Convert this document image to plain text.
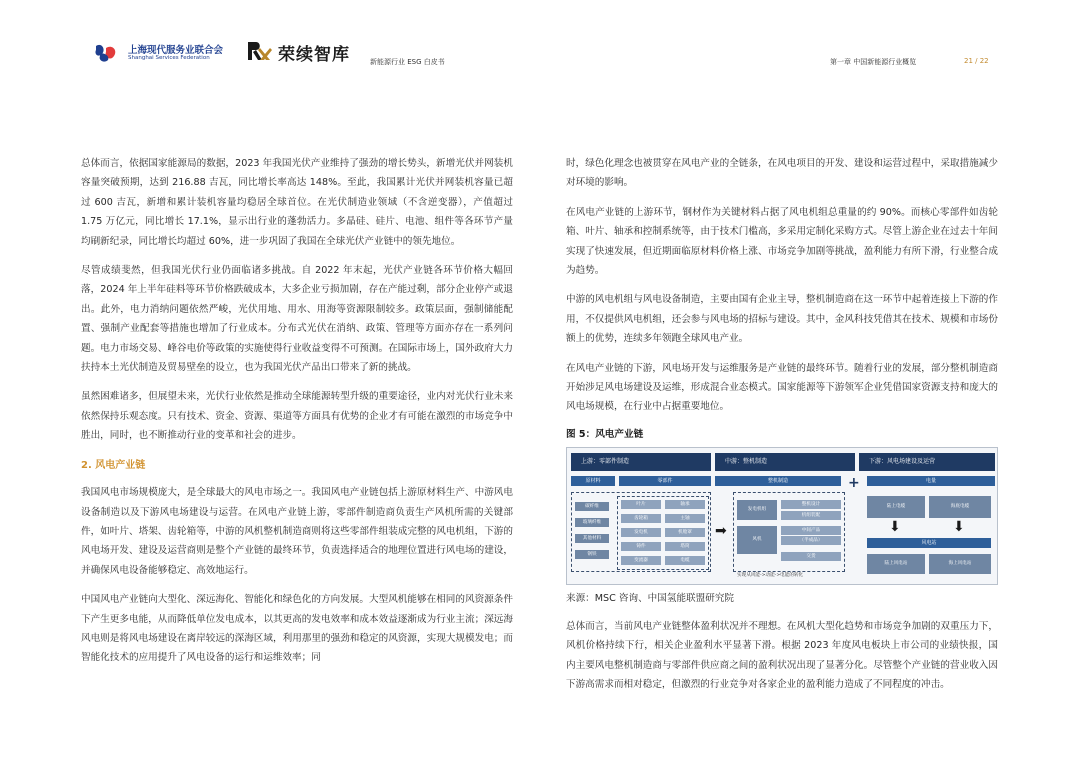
上海现代服务业联合会
Shanghai Services Federation	荣续智库	新能源行业 ESG 白皮书	第一章 中国新能源行业概览	21 / 22

总体而言，依据国家能源局的数据，2023 年我国光伏产业维持了强劲的增长势头，新增光伏并网装机容量突破预期，达到 216.88 吉瓦，同比增长率高达 148%。至此，我国累计光伏并网装机容量已超过 600 吉瓦，新增和累计装机容量均稳居全球首位。在光伏制造业领域（不含逆变器），产值超过 1.75 万亿元，同比增长 17.1%，显示出行业的蓬勃活力。多晶硅、硅片、电池、组件等各环节产量均刷新纪录，同比增长均超过 60%，进一步巩固了我国在全球光伏产业链中的领先地位。

尽管成绩斐然，但我国光伏行业仍面临诸多挑战。自 2022 年末起，光伏产业链各环节价格大幅回落，2024 年上半年硅料等环节价格跌破成本，大多企业亏损加剧，存在产能过剩，部分企业停产或退出。此外，电力消纳问题依然严峻，光伏用地、用水、用海等资源限制较多。政策层面，强制储能配置、强制产业配套等措施也增加了行业成本。分布式光伏在消纳、政策、管理等方面亦存在一系列问题。电力市场交易、峰谷电价等政策的实施使得行业收益变得不可预测。在国际市场上，国外政府大力扶持本土光伏制造及贸易壁垒的设立，也为我国光伏产品出口带来了新的挑战。

虽然困难诸多，但展望未来，光伏行业依然是推动全球能源转型升级的重要途径，业内对光伏行业未来依然保持乐观态度。只有技术、资金、资源、渠道等方面具有优势的企业才有可能在激烈的市场竞争中胜出，同时，也不断推动行业的变革和社会的进步。

2. 风电产业链

我国风电市场规模庞大，是全球最大的风电市场之一。我国风电产业链包括上游原材料生产、中游风电设备制造以及下游风电场建设与运营。在风电产业链上游，零部件制造商负责生产风机所需的关键部件，如叶片、塔架、齿轮箱等，中游的风机整机制造商则将这些零部件组装成完整的风电机组，下游的风电场开发、建设及运营商则是整个产业链的最终环节，负责选择适合的地理位置进行风电场的建设，并确保风电设备能够稳定、高效地运行。

中国风电产业链向大型化、深远海化、智能化和绿色化的方向发展。大型风机能够在相同的风资源条件下产生更多电能，从而降低单位发电成本，以其更高的发电效率和成本效益逐渐成为行业主流；深远海风电则是将风电场建设在离岸较远的深海区域，利用那里的强劲和稳定的风资源，实现大规模发电；而智能化技术的应用提升了风电设备的运行和运维效率；同

时，绿色化理念也被贯穿在风电产业的全链条，在风电项目的开发、建设和运营过程中，采取措施减少对环境的影响。

在风电产业链的上游环节，钢材作为关键材料占据了风电机组总重量的约 90%。而核心零部件如齿轮箱、叶片、轴承和控制系统等，由于技术门槛高，多采用定制化采购方式。尽管上游企业在过去十年间实现了快速发展，但近期面临原材料价格上涨、市场竞争加剧等挑战，盈利能力有所下滑，行业整合成为趋势。

中游的风电机组与风电设备制造，主要由国有企业主导，整机制造商在这一环节中起着连接上下游的作用，不仅提供风电机组，还会参与风电场的招标与建设。其中，金风科技凭借其在技术、规模和市场份额上的优势，连续多年领跑全球风电产业。

在风电产业链的下游，风电场开发与运维服务是产业链的最终环节。随着行业的发展，部分整机制造商开始涉足风电场建设及运维，形成混合业态模式。国家能源等下游领军企业凭借国家资源支持和庞大的风电场规模，在行业中占据重要地位。

图 5：风电产业链
上游：零部件制造	中游：整机制造	下游：风电场建设及运营
原材料	零部件	整机制造	+	电量
碳纤维
玻璃纤维
其他材料
钢铁
叶片
齿轮箱
发电机
铸件
变流器
轴承
主轴
机舱罩
塔筒
电缆
➡
发电机组
整机设计
机组装配
中间产品
（半成品）
风机
交货
实现从风能->动能->电能的转化
陆上电缆	海底电缆
⬇	⬇
风电站
陆上风电站	海上风电站
来源：MSC 咨询、中国氢能联盟研究院

总体而言，当前风电产业链整体盈利状况并不理想。在风机大型化趋势和市场竞争加剧的双重压力下，风机价格持续下行，相关企业盈利水平显著下滑。根据 2023 年度风电板块上市公司的业绩快报，国内主要风电整机制造商与零部件供应商之间的盈利状况出现了显著分化。尽管整个产业链的营业收入因下游高需求而相对稳定，但激烈的行业竞争对各家企业的盈利能力造成了不同程度的冲击。
